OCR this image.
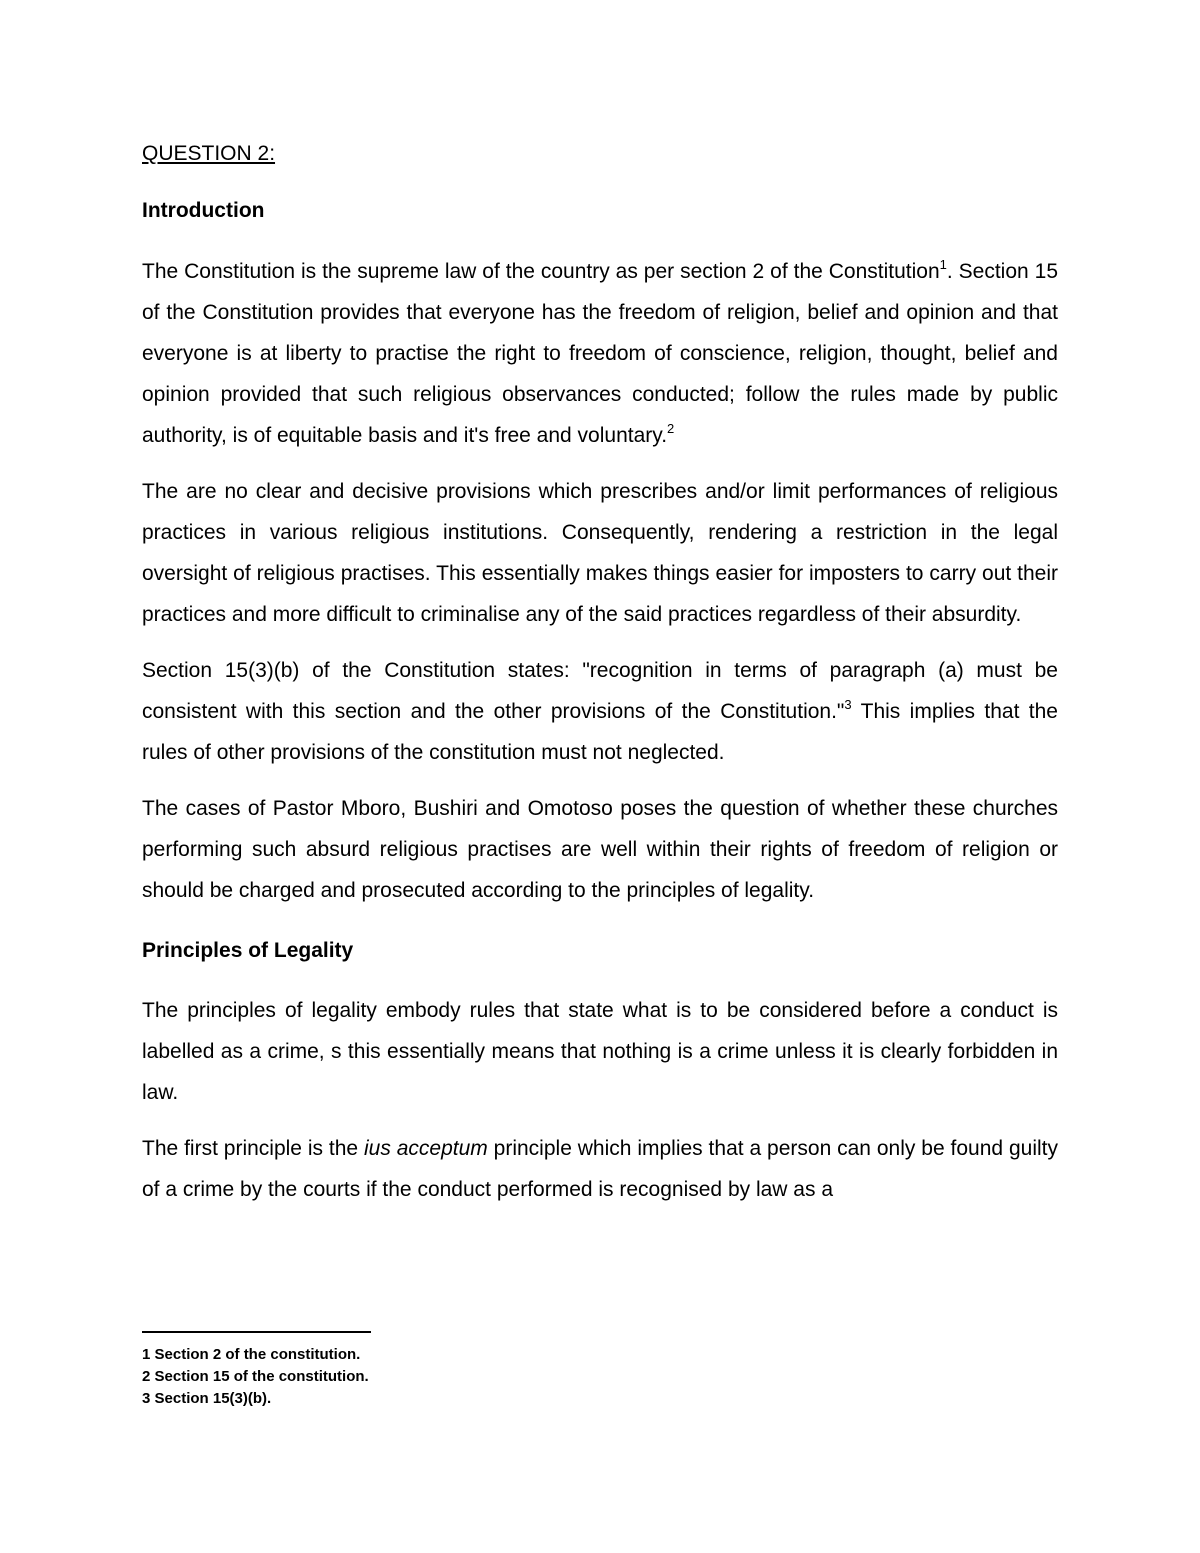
QUESTION 2:
Introduction

The Constitution is the supreme law of the country as per section 2 of the Constitution$^1$. Section 15 of the Constitution provides that everyone has the freedom of religion, belief and opinion and that everyone is at liberty to practise the right to freedom of conscience, religion, thought, belief and opinion provided that such religious observances conducted; follow the rules made by public authority, is of equitable basis and it's free and voluntary.$^2$

The are no clear and decisive provisions which prescribes and/or limit performances of religious practices in various religious institutions. Consequently, rendering a restriction in the legal oversight of religious practises. This essentially makes things easier for imposters to carry out their practices and more difficult to criminalise any of the said practices regardless of their absurdity.

Section 15(3)(b) of the Constitution states: "recognition in terms of paragraph (a) must be consistent with this section and the other provisions of the Constitution."$^3$ This implies that the rules of other provisions of the constitution must not neglected.

The cases of Pastor Mboro, Bushiri and Omotoso poses the question of whether these churches performing such absurd religious practises are well within their rights of freedom of religion or should be charged and prosecuted according to the principles of legality.

Principles of Legality

The principles of legality embody rules that state what is to be considered before a conduct is labelled as a crime, s this essentially means that nothing is a crime unless it is clearly forbidden in law.

The first principle is the ius acceptum principle which implies that a person can only be found guilty of a crime by the courts if the conduct performed is recognised by law as a

1 Section 2 of the constitution.

2 Section 15 of the constitution.

3 Section 15(3)(b).
